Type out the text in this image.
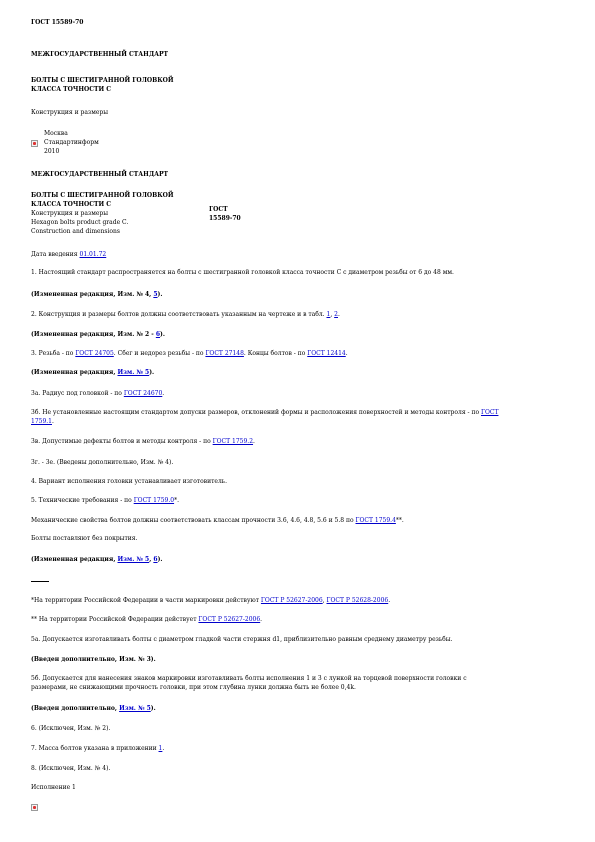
ГОСТ 15589-70
МЕЖГОСУДАРСТВЕННЫЙ СТАНДАРТ
БОЛТЫ С ШЕСТИГРАННОЙ ГОЛОВКОЙ
КЛАССА ТОЧНОСТИ С
Конструкция и размеры
Москва
Стандартинформ
2010
МЕЖГОСУДАРСТВЕННЫЙ СТАНДАРТ
БОЛТЫ С ШЕСТИГРАННОЙ ГОЛОВКОЙ
КЛАССА ТОЧНОСТИ С
Конструкция и размеры
Hexagon bolts product grade C.
Construction and dimensions
ГОСТ
15589-70
Дата введения 01.01.72
1. Настоящий стандарт распространяется на болты с шестигранной головкой класса точности С с диаметром резьбы от 6 до 48 мм.
(Измененная редакция, Изм. № 4, 5).
2. Конструкция и размеры болтов должны соответствовать указанным на чертеже и в табл. 1, 2.
(Измененная редакция, Изм. № 2 - 6).
3. Резьба - по ГОСТ 24705. Сбег и недорез резьбы - по ГОСТ 27148. Концы болтов - по ГОСТ 12414.
(Измененная редакция, Изм. № 5).
3а. Радиус под головкой - по ГОСТ 24670.
3б. Не установленные настоящим стандартом допуски размеров, отклонений формы и расположения поверхностей и методы контроля - по ГОСТ
1759.1.
3в. Допустимые дефекты болтов и методы контроля - по ГОСТ 1759.2.
3г. - 3е. (Введены дополнительно, Изм. № 4).
4. Вариант исполнения головки устанавливает изготовитель.
5. Технические требования - по ГОСТ 1759.0*.
Механические свойства болтов должны соответствовать классам прочности 3.6, 4.6, 4.8, 5.6 и 5.8 по ГОСТ 1759.4**.
Болты поставляют без покрытия.
(Измененная редакция, Изм. № 5, 6).
*На территории Российской Федерации в части маркировки действуют ГОСТ Р 52627-2006, ГОСТ Р 52628-2006.
** На территории Российской Федерации действует ГОСТ Р 52627-2006.
5а. Допускается изготавливать болты с диаметром гладкой части стержня d1, приблизительно равным среднему диаметру резьбы.
(Введен дополнительно, Изм. № 3).
5б. Допускается для нанесения знаков маркировки изготавливать болты исполнения 1 и 3 с лункой на торцевой поверхности головки с
размерами, не снижающими прочность головки, при этом глубина лунки должна быть не более 0,4k.
(Введен дополнительно, Изм. № 5).
6. (Исключен, Изм. № 2).
7. Масса болтов указана в приложении 1.
8. (Исключен, Изм. № 4).
Исполнение 1
